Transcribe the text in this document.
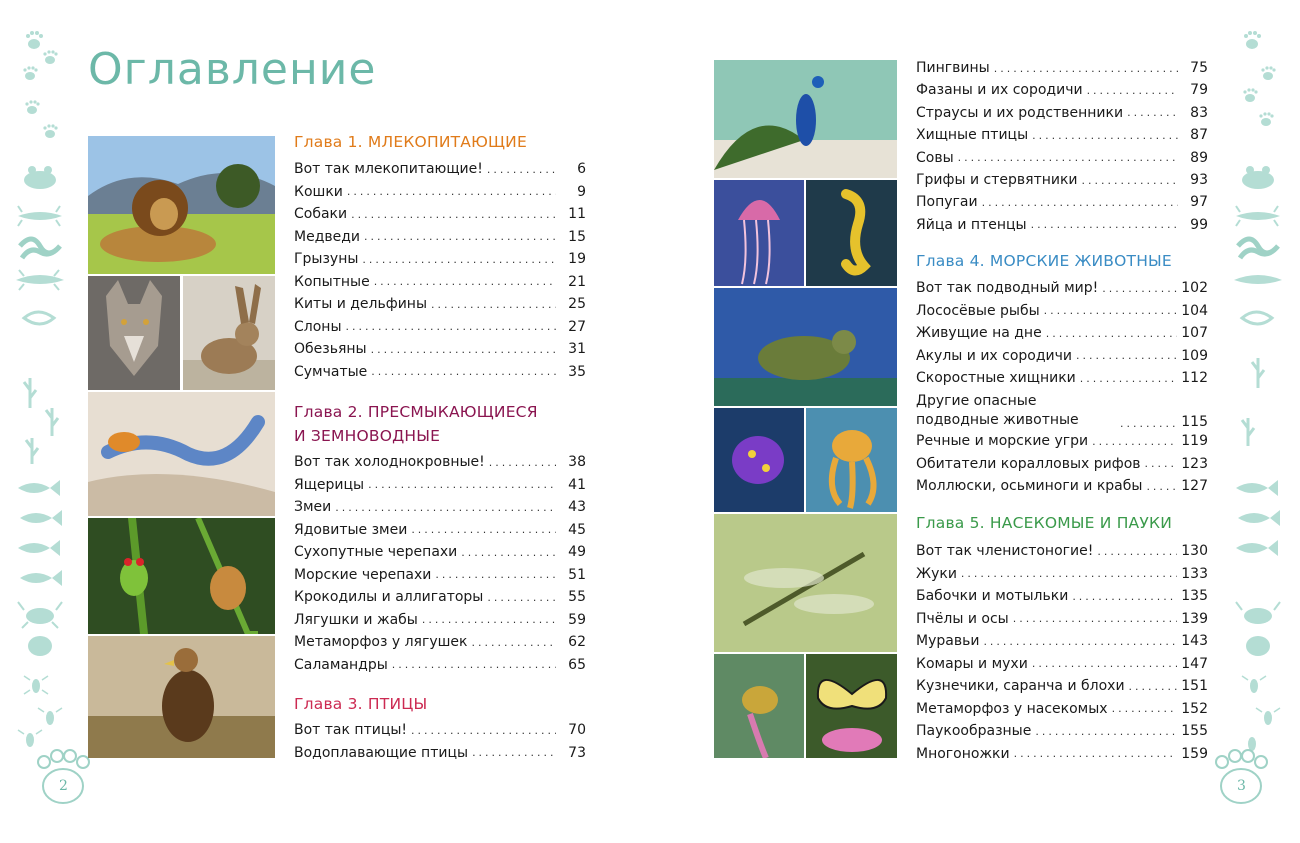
2	3
Оглавление
Глава 1. МЛЕКОПИТАЮЩИЕ
Вот так млекопитающие! .....	6
Кошки .....	9
Собаки .....	11
Медведи .....	15
Грызуны .....	19
Копытные .....	21
Киты и дельфины .....	25
Слоны .....	27
Обезьяны .....	31
Сумчатые .....	35
Глава 2. ПРЕСМЫКАЮЩИЕСЯ
И ЗЕМНОВОДНЫЕ
Вот так холоднокровные! .....	38
Ящерицы .....	41
Змеи .....	43
Ядовитые змеи .....	45
Сухопутные черепахи .....	49
Морские черепахи .....	51
Крокодилы и аллигаторы .....	55
Лягушки и жабы .....	59
Метаморфоз у лягушек .....	62
Саламандры .....	65
Глава 3. ПТИЦЫ
Вот так птицы! .....	70
Водоплавающие птицы .....	73
Пингвины .....	75
Фазаны и их сородичи .....	79
Страусы и их родственники .....	83
Хищные птицы .....	87
Совы .....	89
Грифы и стервятники .....	93
Попугаи .....	97
Яйца и птенцы .....	99
Глава 4. МОРСКИЕ ЖИВОТНЫЕ
Вот так подводный мир! .....	102
Лососёвые рыбы .....	104
Живущие на дне .....	107
Акулы и их сородичи .....	109
Скоростные хищники .....	112
Другие опасные подводные животные .....	115
Речные и морские угри .....	119
Обитатели коралловых рифов .....	123
Моллюски, осьминоги и крабы .....	127
Глава 5. НАСЕКОМЫЕ И ПАУКИ
Вот так членистоногие! .....	130
Жуки .....	133
Бабочки и мотыльки .....	135
Пчёлы и осы .....	139
Муравьи .....	143
Комары и мухи .....	147
Кузнечики, саранча и блохи .....	151
Метаморфоз у насекомых .....	152
Паукообразные .....	155
Многоножки .....	159
